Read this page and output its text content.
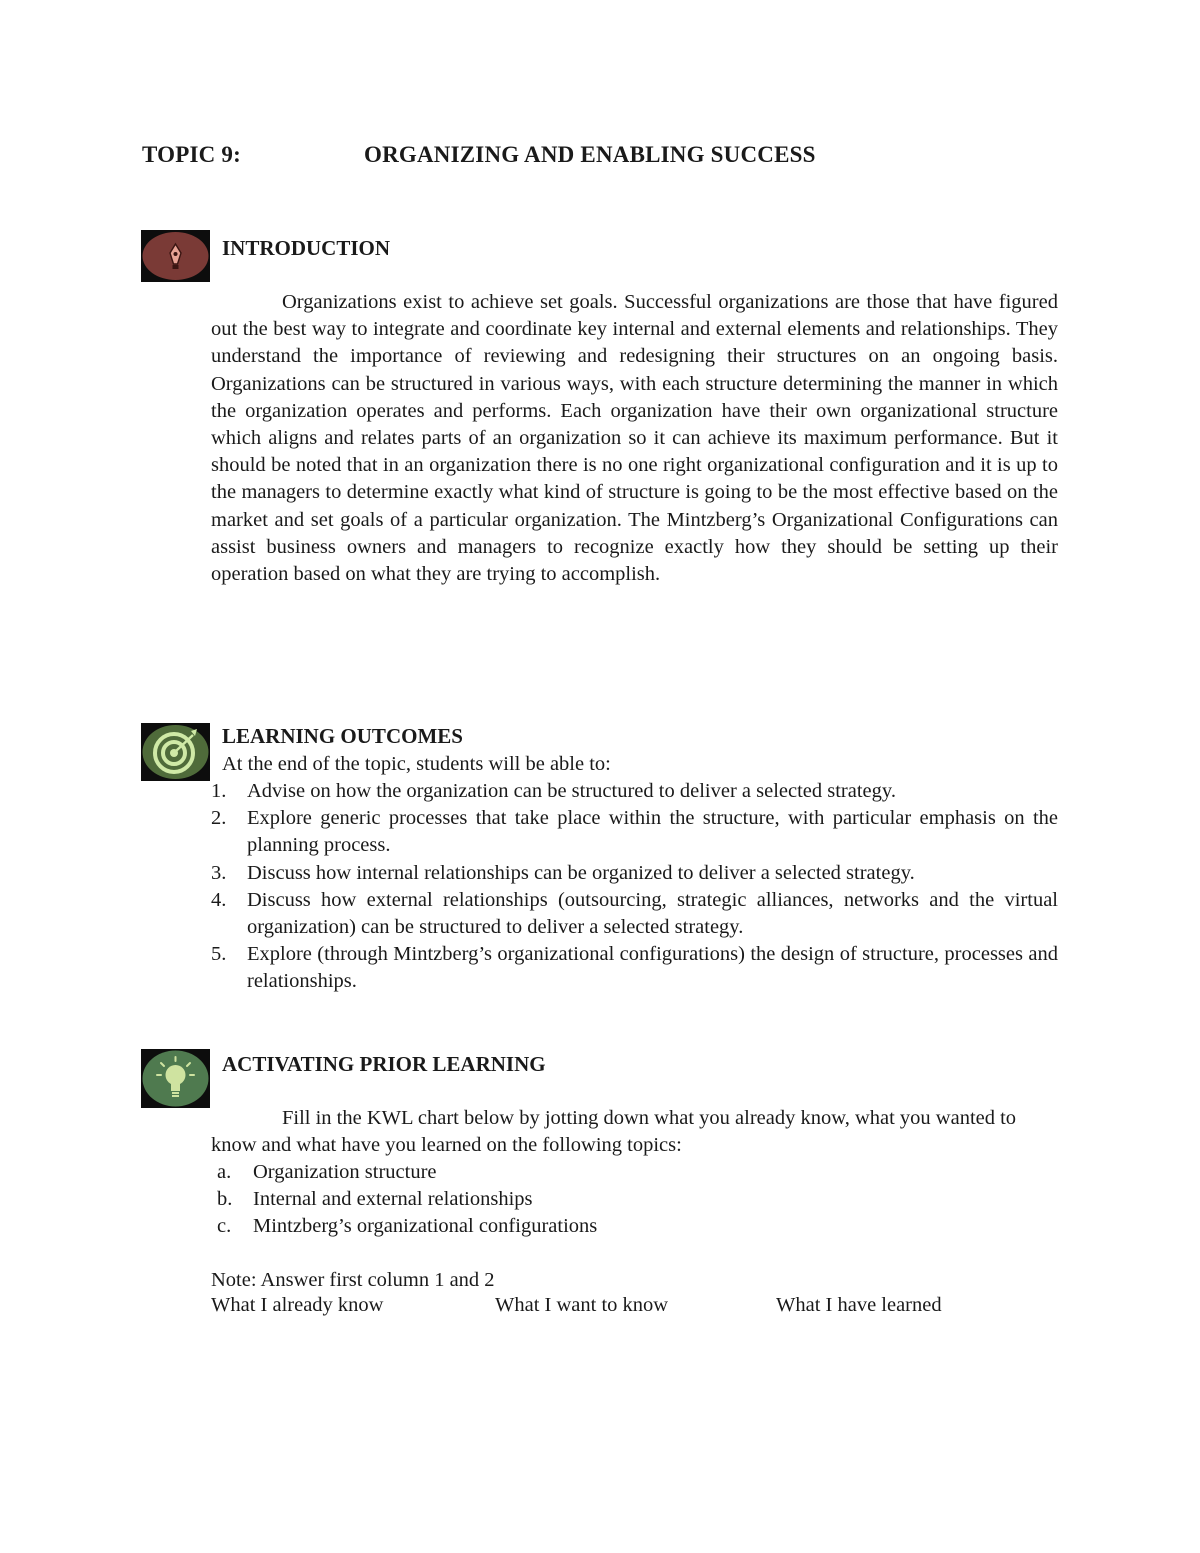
TOPIC 9:	ORGANIZING AND ENABLING SUCCESS
INTRODUCTION
Organizations exist to achieve set goals. Successful organizations are those that have figured out the best way to integrate and coordinate key internal and external elements and relationships. They understand the importance of reviewing and redesigning their structures on an ongoing basis. Organizations can be structured in various ways, with each structure determining the manner in which the organization operates and performs. Each organization have their own organizational structure which aligns and relates parts of an organization so it can achieve its maximum performance. But it should be noted that in an organization there is no one right organizational configuration and it is up to the managers to determine exactly what kind of structure is going to be the most effective based on the market and set goals of a particular organization. The Mintzberg’s Organizational Configurations can assist business owners and managers to recognize exactly how they should be setting up their operation based on what they are trying to accomplish.
LEARNING OUTCOMES
At the end of the topic, students will be able to:
1. Advise on how the organization can be structured to deliver a selected strategy.
2. Explore generic processes that take place within the structure, with particular emphasis on the planning process.
3. Discuss how internal relationships can be organized to deliver a selected strategy.
4. Discuss how external relationships (outsourcing, strategic alliances, networks and the virtual organization) can be structured to deliver a selected strategy.
5. Explore (through Mintzberg’s organizational configurations) the design of structure, processes and relationships.
ACTIVATING PRIOR LEARNING
Fill in the KWL chart below by jotting down what you already know, what you wanted to know and what have you learned on the following topics:
a. Organization structure
b. Internal and external relationships
c. Mintzberg’s organizational configurations
Note: Answer first column 1 and 2
What I already know	What I want to know	What I have learned
